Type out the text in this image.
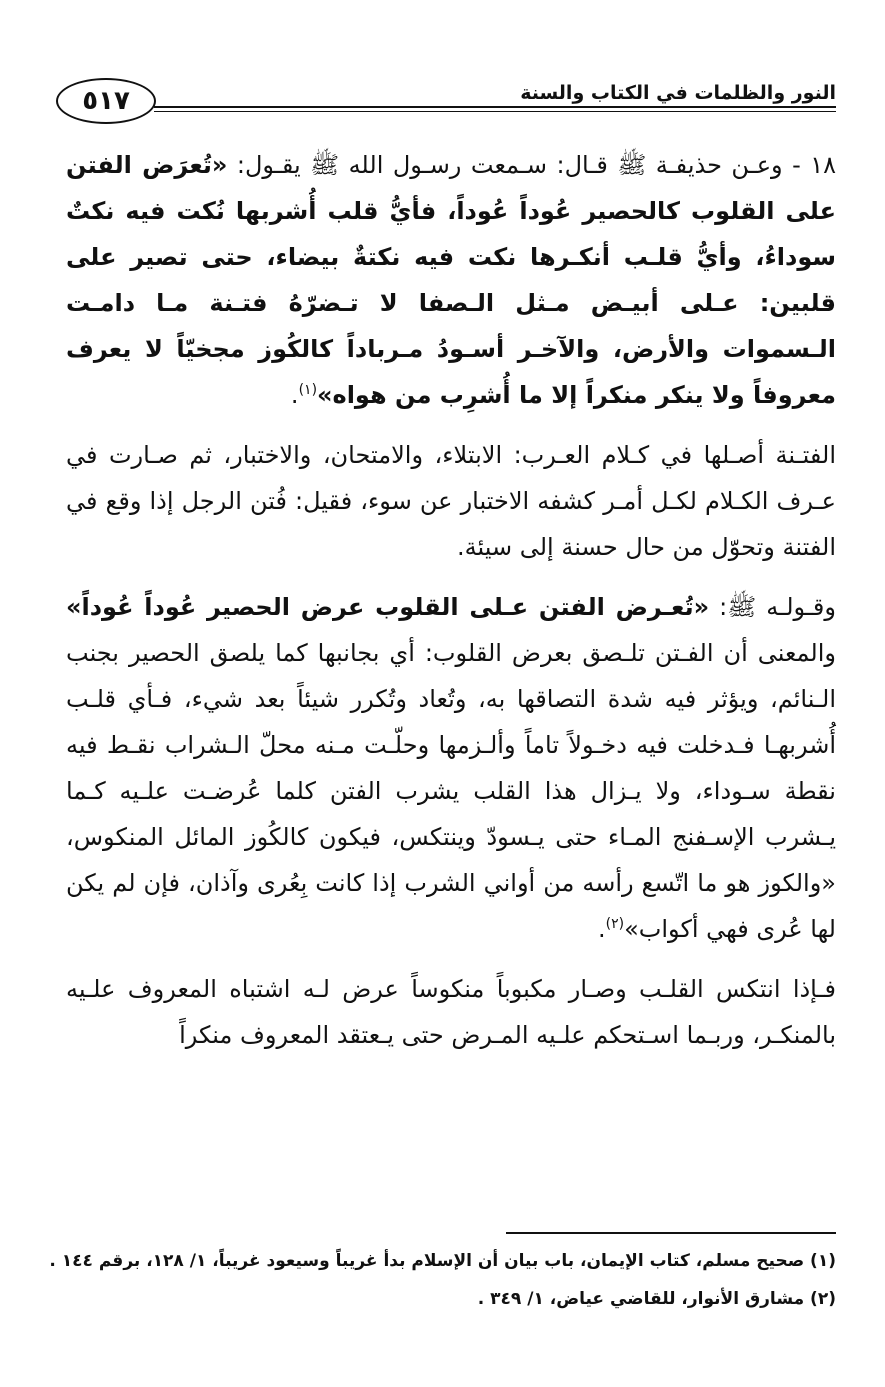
النور والظلمات في الكتاب والسنة
٥١٧

١٨ - وعـن حذيفـة ﷺ قـال: سـمعت رسـول الله ﷺ يقـول: «تُعرَض الفتن على القلوب كالحصير عُوداً عُوداً، فأيُّ قلب أُشربها نُكت فيه نكتٌ سوداءُ، وأيُّ قلـب أنكـرها نكت فيه نكتةٌ بيضاء، حتى تصير على قلبين: عـلى أبيـض مـثل الـصفا لا تـضرّهُ فتـنة مـا دامـت الـسموات والأرض، والآخـر أسـودُ مـرباداً كالكُوز مجخيّاً لا يعرف معروفاً ولا ينكر منكراً إلا ما أُشرِب من هواه»$^{(١)}$.

الفتـنة أصـلها في كـلام العـرب: الابتلاء، والامتحان، والاختبار، ثم صـارت في عـرف الكـلام لكـل أمـر كشفه الاختبار عن سوء، فقيل: فُتن الرجل إذا وقع في الفتنة وتحوّل من حال حسنة إلى سيئة.

وقـولـه ﷺ: «تُعـرض الفتن عـلى القلوب عرض الحصير عُوداً عُوداً» والمعنى أن الفـتن تلـصق بعرض القلوب: أي بجانبها كما يلصق الحصير بجنب الـنائم، ويؤثر فيه شدة التصاقها به، وتُعاد وتُكرر شيئاً بعد شيء، فـأي قلـب أُشربهـا فـدخلت فيه دخـولاً تاماً وألـزمها وحلّـت مـنه محلّ الـشراب نقـط فيه نقطة سـوداء، ولا يـزال هذا القلب يشرب الفتن كلما عُرضـت علـيه كـما يـشرب الإسـفنج المـاء حتى يـسودّ وينتكس، فيكون كالكُوز المائل المنكوس، «والكوز هو ما اتّسع رأسه من أواني الشرب إذا كانت بِعُرى وآذان، فإن لم يكن لها عُرى فهي أكواب»$^{(٢)}$.

فـإذا انتكس القلـب وصـار مكبوباً منكوساً عرض لـه اشتباه المعروف علـيه بالمنكـر، وربـما اسـتحكم علـيه المـرض حتى يـعتقد المعروف منكراً

(١) صحيح مسلم، كتاب الإيمان، باب بيان أن الإسلام بدأ غريباً وسيعود غريباً، ١/ ١٢٨، برقم ١٤٤ .

(٢) مشارق الأنوار، للقاضي عياض، ١/ ٣٤٩ .
